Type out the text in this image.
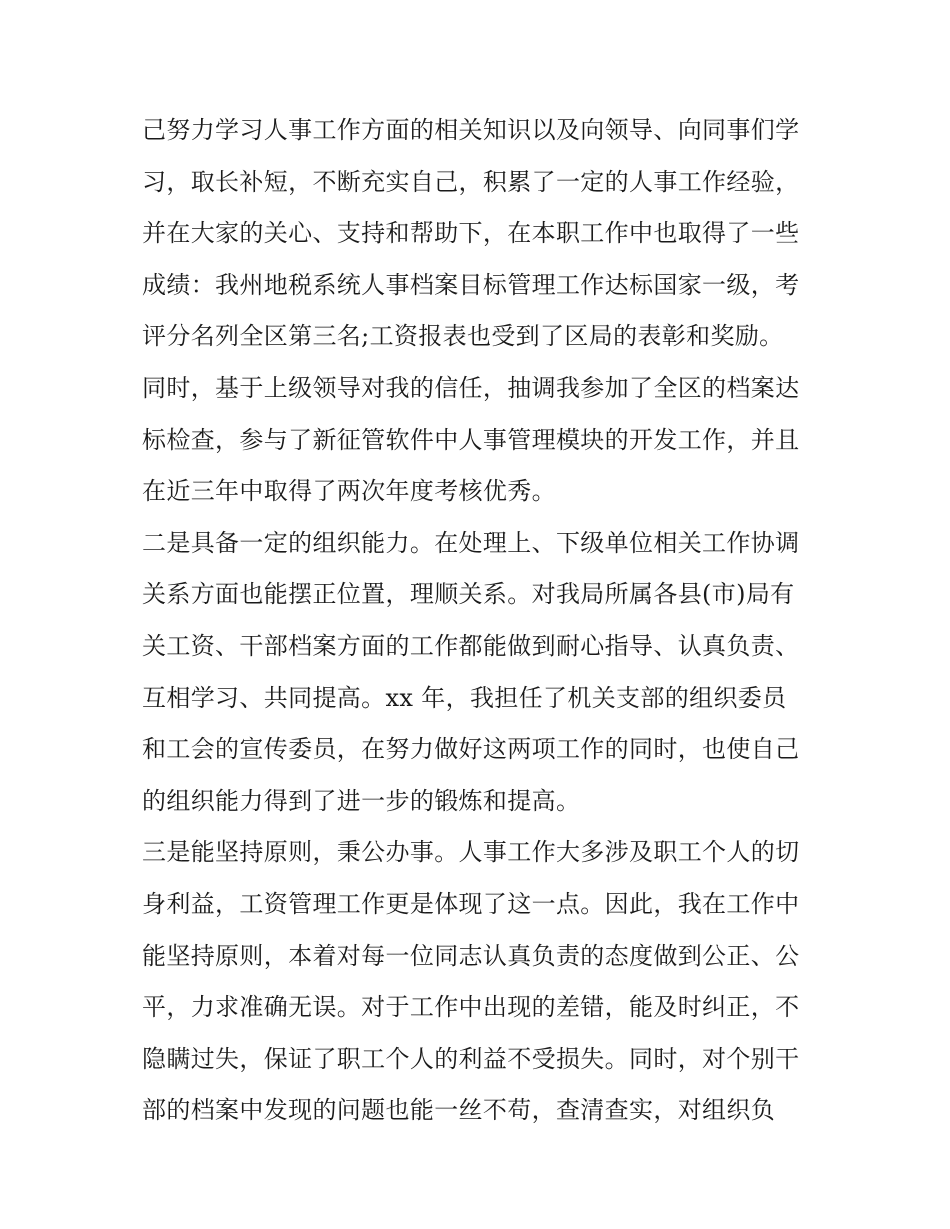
己努力学习人事工作方面的相关知识以及向领导、向同事们学
习，取长补短，不断充实自己，积累了一定的人事工作经验，
并在大家的关心、支持和帮助下，在本职工作中也取得了一些
成绩：我州地税系统人事档案目标管理工作达标国家一级，考
评分名列全区第三名;工资报表也受到了区局的表彰和奖励。
同时，基于上级领导对我的信任，抽调我参加了全区的档案达
标检查，参与了新征管软件中人事管理模块的开发工作，并且
在近三年中取得了两次年度考核优秀。
二是具备一定的组织能力。在处理上、下级单位相关工作协调
关系方面也能摆正位置，理顺关系。对我局所属各县(市)局有
关工资、干部档案方面的工作都能做到耐心指导、认真负责、
互相学习、共同提高。xx 年，我担任了机关支部的组织委员
和工会的宣传委员，在努力做好这两项工作的同时，也使自己
的组织能力得到了进一步的锻炼和提高。
三是能坚持原则，秉公办事。人事工作大多涉及职工个人的切
身利益，工资管理工作更是体现了这一点。因此，我在工作中
能坚持原则，本着对每一位同志认真负责的态度做到公正、公
平，力求准确无误。对于工作中出现的差错，能及时纠正，不
隐瞒过失，保证了职工个人的利益不受损失。同时，对个别干
部的档案中发现的问题也能一丝不苟，查清查实，对组织负
